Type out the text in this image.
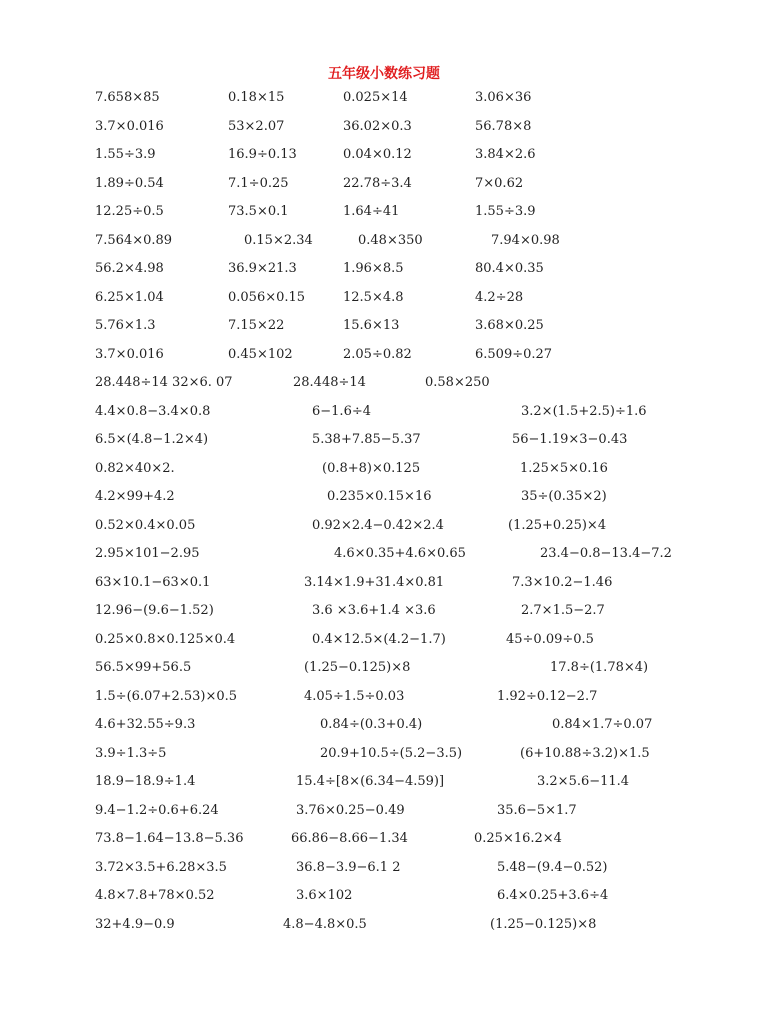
五年级小数练习题
7.658×85	0.18×15	0.025×14	3.06×36
3.7×0.016	53×2.07	36.02×0.3	56.78×8
1.55÷3.9	16.9÷0.13	0.04×0.12	3.84×2.6
1.89÷0.54	7.1÷0.25	22.78÷3.4	7×0.62
12.25÷0.5	73.5×0.1	1.64÷41	1.55÷3.9
7.564×0.89	0.15×2.34	0.48×350	7.94×0.98
56.2×4.98	36.9×21.3	1.96×8.5	80.4×0.35
6.25×1.04	0.056×0.15	12.5×4.8	4.2÷28
5.76×1.3	7.15×22	15.6×13	3.68×0.25
3.7×0.016	0.45×102	2.05÷0.82	6.509÷0.27
28.448÷14 32×6. 07	28.448÷14	0.58×250
4.4×0.8−3.4×0.8	6−1.6÷4	3.2×(1.5+2.5)÷1.6
6.5×(4.8−1.2×4)	5.38+7.85−5.37	56−1.19×3−0.43
0.82×40×2.	(0.8+8)×0.125	1.25×5×0.16
4.2×99+4.2	0.235×0.15×16	35÷(0.35×2)
0.52×0.4×0.05	0.92×2.4−0.42×2.4	(1.25+0.25)×4
2.95×101−2.95	4.6×0.35+4.6×0.65	23.4−0.8−13.4−7.2
63×10.1−63×0.1	3.14×1.9+31.4×0.81	7.3×10.2−1.46
12.96−(9.6−1.52)	3.6 ×3.6+1.4 ×3.6	2.7×1.5−2.7
0.25×0.8×0.125×0.4	0.4×12.5×(4.2−1.7)	45÷0.09÷0.5
56.5×99+56.5	(1.25−0.125)×8	17.8÷(1.78×4)
1.5÷(6.07+2.53)×0.5	4.05÷1.5÷0.03	1.92÷0.12−2.7
4.6+32.55÷9.3	0.84÷(0.3+0.4)	0.84×1.7÷0.07
3.9÷1.3÷5	20.9+10.5÷(5.2−3.5)	(6+10.88÷3.2)×1.5
18.9−18.9÷1.4	15.4÷[8×(6.34−4.59)]	3.2×5.6−11.4
9.4−1.2÷0.6+6.24	3.76×0.25−0.49	35.6−5×1.7
73.8−1.64−13.8−5.36	66.86−8.66−1.34	0.25×16.2×4
3.72×3.5+6.28×3.5	36.8−3.9−6.1 2	5.48−(9.4−0.52)
4.8×7.8+78×0.52	3.6×102	6.4×0.25+3.6÷4
32+4.9−0.9	4.8−4.8×0.5	(1.25−0.125)×8
